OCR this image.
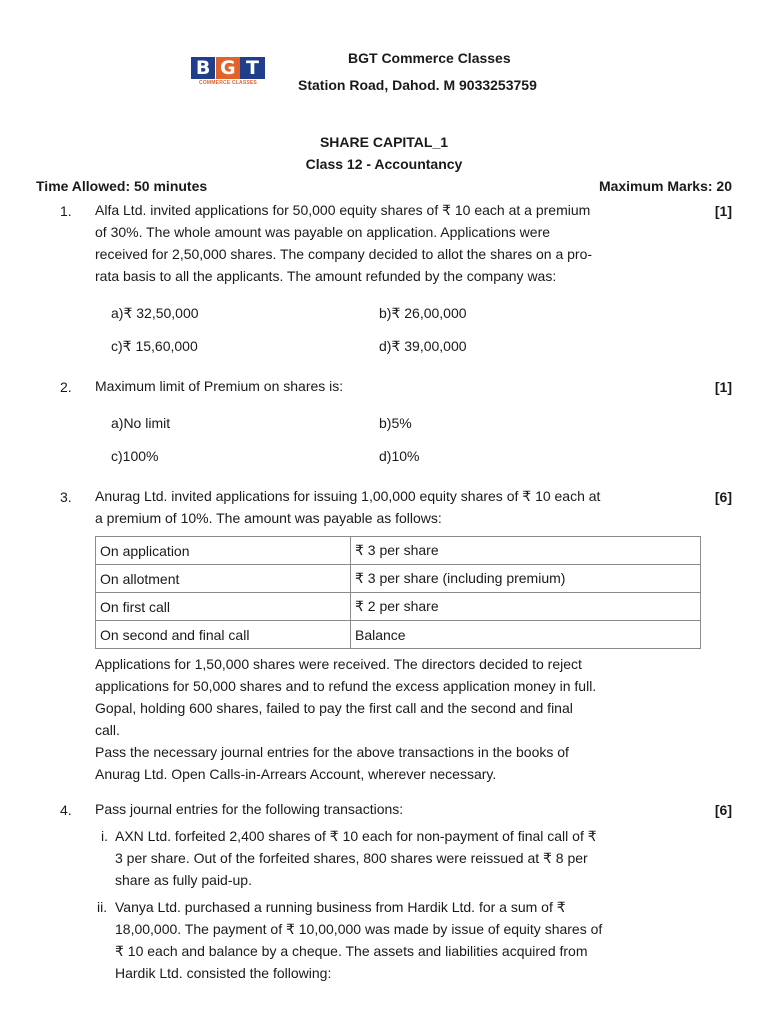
B G T
COMMERCE CLASSES
BGT Commerce Classes
Station Road, Dahod. M 9033253759
SHARE CAPITAL_1
Class 12 - Accountancy
Time Allowed: 50 minutes	Maximum Marks: 20
1.	[1]
Alfa Ltd. invited applications for 50,000 equity shares of ₹ 10 each at a premium
of 30%. The whole amount was payable on application. Applications were
received for 2,50,000 shares. The company decided to allot the shares on a pro-
rata basis to all the applicants. The amount refunded by the company was:
a)₹ 32,50,000	b)₹ 26,00,000
c)₹ 15,60,000	d)₹ 39,00,000
2.	[1]
Maximum limit of Premium on shares is:
a)No limit	b)5%
c)100%	d)10%
3.	[6]
Anurag Ltd. invited applications for issuing 1,00,000 equity shares of ₹ 10 each at
a premium of 10%. The amount was payable as follows:
On application	₹ 3 per share
On allotment	₹ 3 per share (including premium)
On first call	₹ 2 per share
On second and final call	Balance
Applications for 1,50,000 shares were received. The directors decided to reject
applications for 50,000 shares and to refund the excess application money in full.
Gopal, holding 600 shares, failed to pay the first call and the second and final
call.
Pass the necessary journal entries for the above transactions in the books of
Anurag Ltd. Open Calls-in-Arrears Account, wherever necessary.
4.	[6]
Pass journal entries for the following transactions:
i. AXN Ltd. forfeited 2,400 shares of ₹ 10 each for non-payment of final call of ₹
3 per share. Out of the forfeited shares, 800 shares were reissued at ₹ 8 per
share as fully paid-up.
ii. Vanya Ltd. purchased a running business from Hardik Ltd. for a sum of ₹
18,00,000. The payment of ₹ 10,00,000 was made by issue of equity shares of
₹ 10 each and balance by a cheque. The assets and liabilities acquired from
Hardik Ltd. consisted the following:
